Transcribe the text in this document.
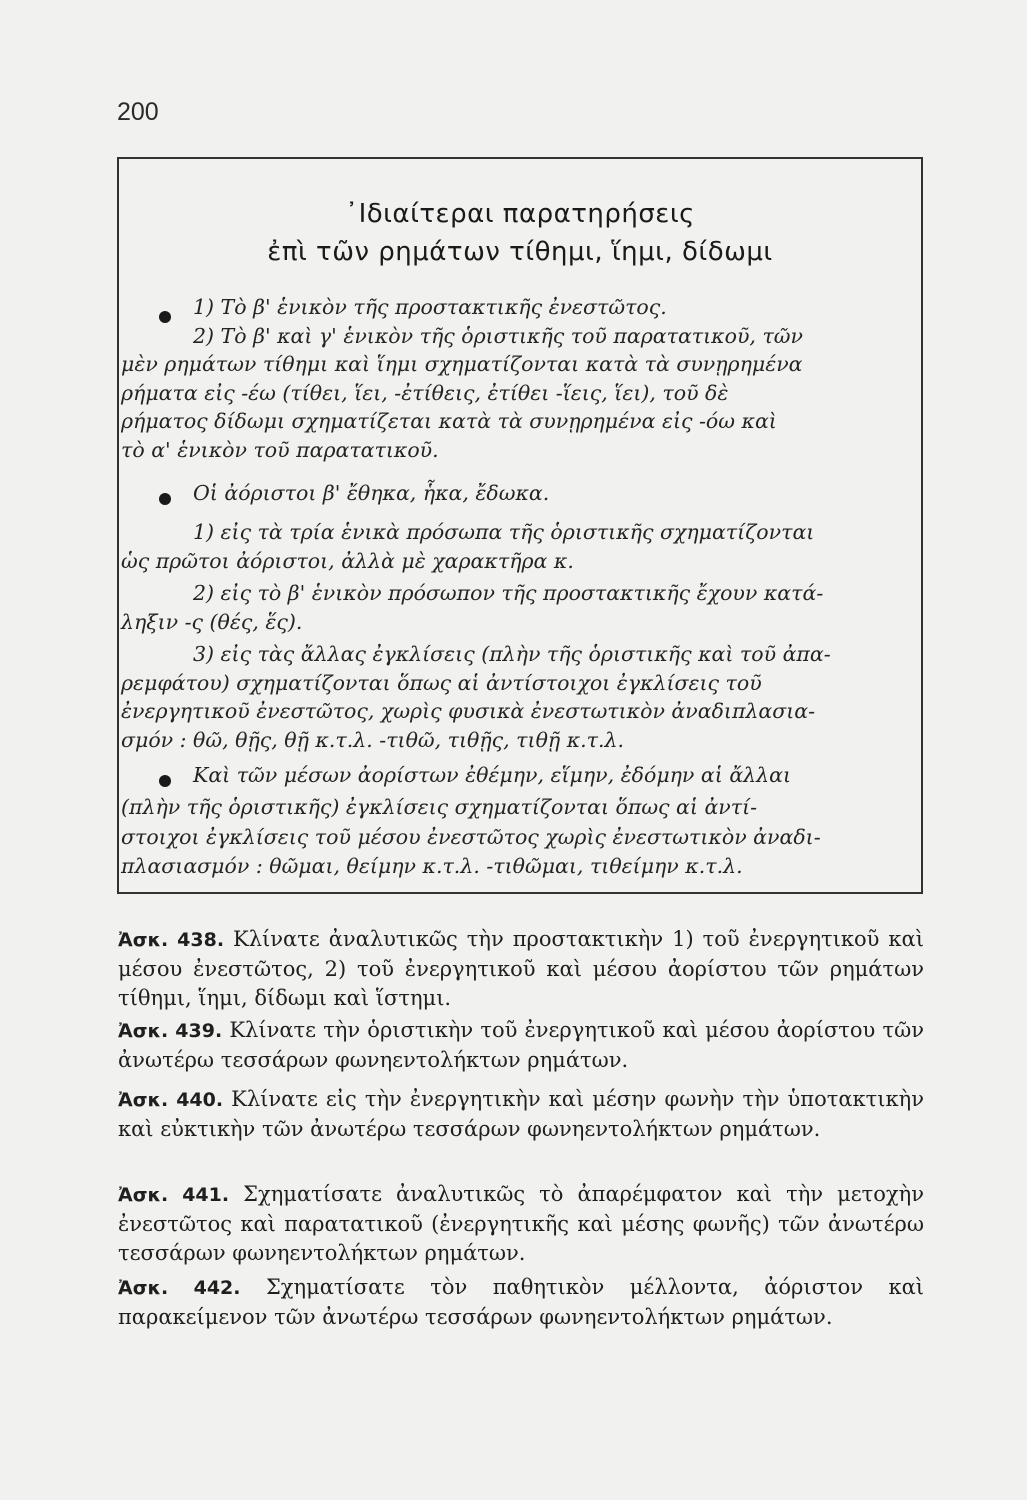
200
᾿Ιδιαίτεραι παρατηρήσεις
ἐπὶ τῶν ρημάτων τίθημι, ἵημι, δίδωμι
1) Τὸ β' ἑνικὸν τῆς προστακτικῆς ἐνεστῶτος.
2) Τὸ β' καὶ γ' ἑνικὸν τῆς ὁριστικῆς τοῦ παρατατικοῦ, τῶν
μὲν ρημάτων τίθημι καὶ ἵημι σχηματίζονται κατὰ τὰ συνῃρημένα
ρήματα εἰς -έω (τίθει, ἵει, -ἐτίθεις, ἐτίθει -ἵεις, ἵει), τοῦ δὲ
ρήματος δίδωμι σχηματίζεται κατὰ τὰ συνῃρημένα εἰς -όω καὶ
τὸ α' ἑνικὸν τοῦ παρατατικοῦ.
Οἱ ἀόριστοι β' ἔθηκα, ἧκα, ἔδωκα.
1) εἰς τὰ τρία ἑνικὰ πρόσωπα τῆς ὁριστικῆς σχηματίζονται
ὡς πρῶτοι ἀόριστοι, ἀλλὰ μὲ χαρακτῆρα κ.
2) εἰς τὸ β' ἑνικὸν πρόσωπον τῆς προστακτικῆς ἔχουν κατά-
ληξιν -ς (θές, ἕς).
3) εἰς τὰς ἄλλας ἐγκλίσεις (πλὴν τῆς ὁριστικῆς καὶ τοῦ ἀπα-
ρεμφάτου) σχηματίζονται ὅπως αἱ ἀντίστοιχοι ἐγκλίσεις τοῦ
ἐνεργητικοῦ ἐνεστῶτος, χωρὶς φυσικὰ ἐνεστωτικὸν ἀναδιπλασια-
σμόν : θῶ, θῇς, θῇ κ.τ.λ. -τιθῶ, τιθῇς, τιθῇ κ.τ.λ.
Καὶ τῶν μέσων ἀορίστων ἐθέμην, εἵμην, ἐδόμην αἱ ἄλλαι
(πλὴν τῆς ὁριστικῆς) ἐγκλίσεις σχηματίζονται ὅπως αἱ ἀντί-
στοιχοι ἐγκλίσεις τοῦ μέσου ἐνεστῶτος χωρὶς ἐνεστωτικὸν ἀναδι-
πλασιασμόν : θῶμαι, θείμην κ.τ.λ. -τιθῶμαι, τιθείμην κ.τ.λ.
Ἀσκ. 438. Κλίνατε ἀναλυτικῶς τὴν προστακτικὴν 1) τοῦ ἐνεργητικοῦ καὶ μέσου ἐνεστῶτος, 2) τοῦ ἐνεργητικοῦ καὶ μέσου ἀορίστου τῶν ρημάτων τίθημι, ἵημι, δίδωμι καὶ ἵστημι.
Ἀσκ. 439. Κλίνατε τὴν ὁριστικὴν τοῦ ἐνεργητικοῦ καὶ μέσου ἀορίστου τῶν ἀνωτέρω τεσσάρων φωνηεντολήκτων ρημάτων.
Ἀσκ. 440. Κλίνατε εἰς τὴν ἐνεργητικὴν καὶ μέσην φωνὴν τὴν ὑποτακτικὴν καὶ εὐκτικὴν τῶν ἀνωτέρω τεσσάρων φωνηεντολήκτων ρημάτων.
Ἀσκ. 441. Σχηματίσατε ἀναλυτικῶς τὸ ἀπαρέμφατον καὶ τὴν μετοχὴν ἐνεστῶτος καὶ παρατατικοῦ (ἐνεργητικῆς καὶ μέσης φωνῆς) τῶν ἀνωτέρω τεσσάρων φωνηεντολήκτων ρημάτων.
Ἀσκ. 442. Σχηματίσατε τὸν παθητικὸν μέλλοντα, ἀόριστον καὶ παρακείμενον τῶν ἀνωτέρω τεσσάρων φωνηεντολήκτων ρημάτων.
